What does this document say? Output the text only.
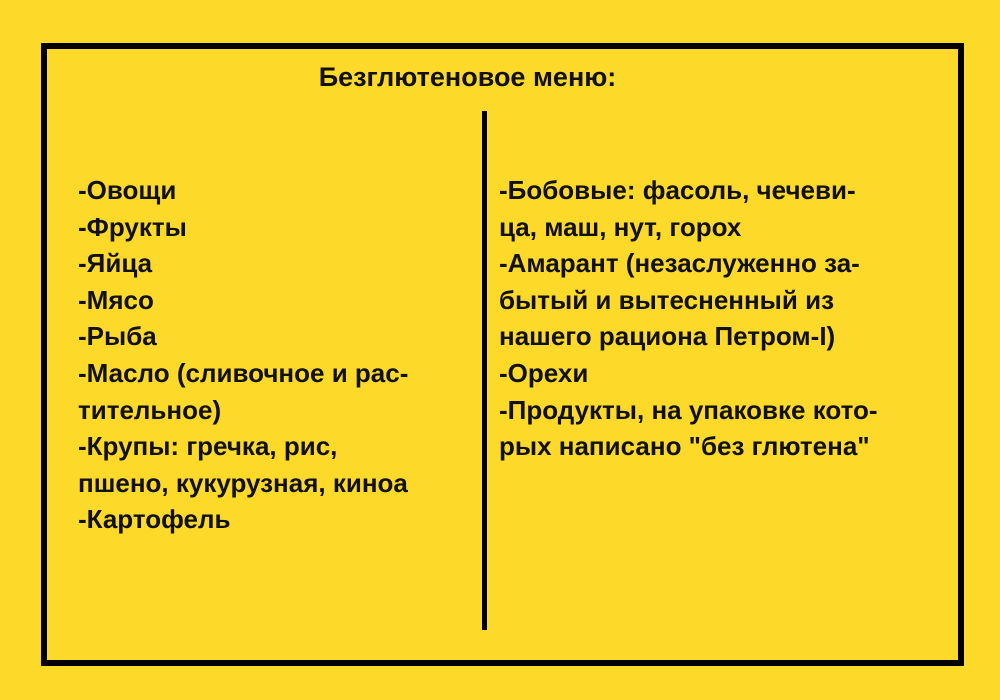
Безглютеновое меню:
-Овощи
-Фрукты
-Яйца
-Мясо
-Рыба
-Масло (сливочное и рас-
тительное)
-Крупы: гречка, рис,
пшено, кукурузная, киноа
-Картофель
-Бобовые: фасоль, чечеви-
ца, маш, нут, горох
-Амарант (незаслуженно за-
бытый и вытесненный из
нашего рациона Петром-I)
-Орехи
-Продукты, на упаковке кото-
рых написано "без глютена"
